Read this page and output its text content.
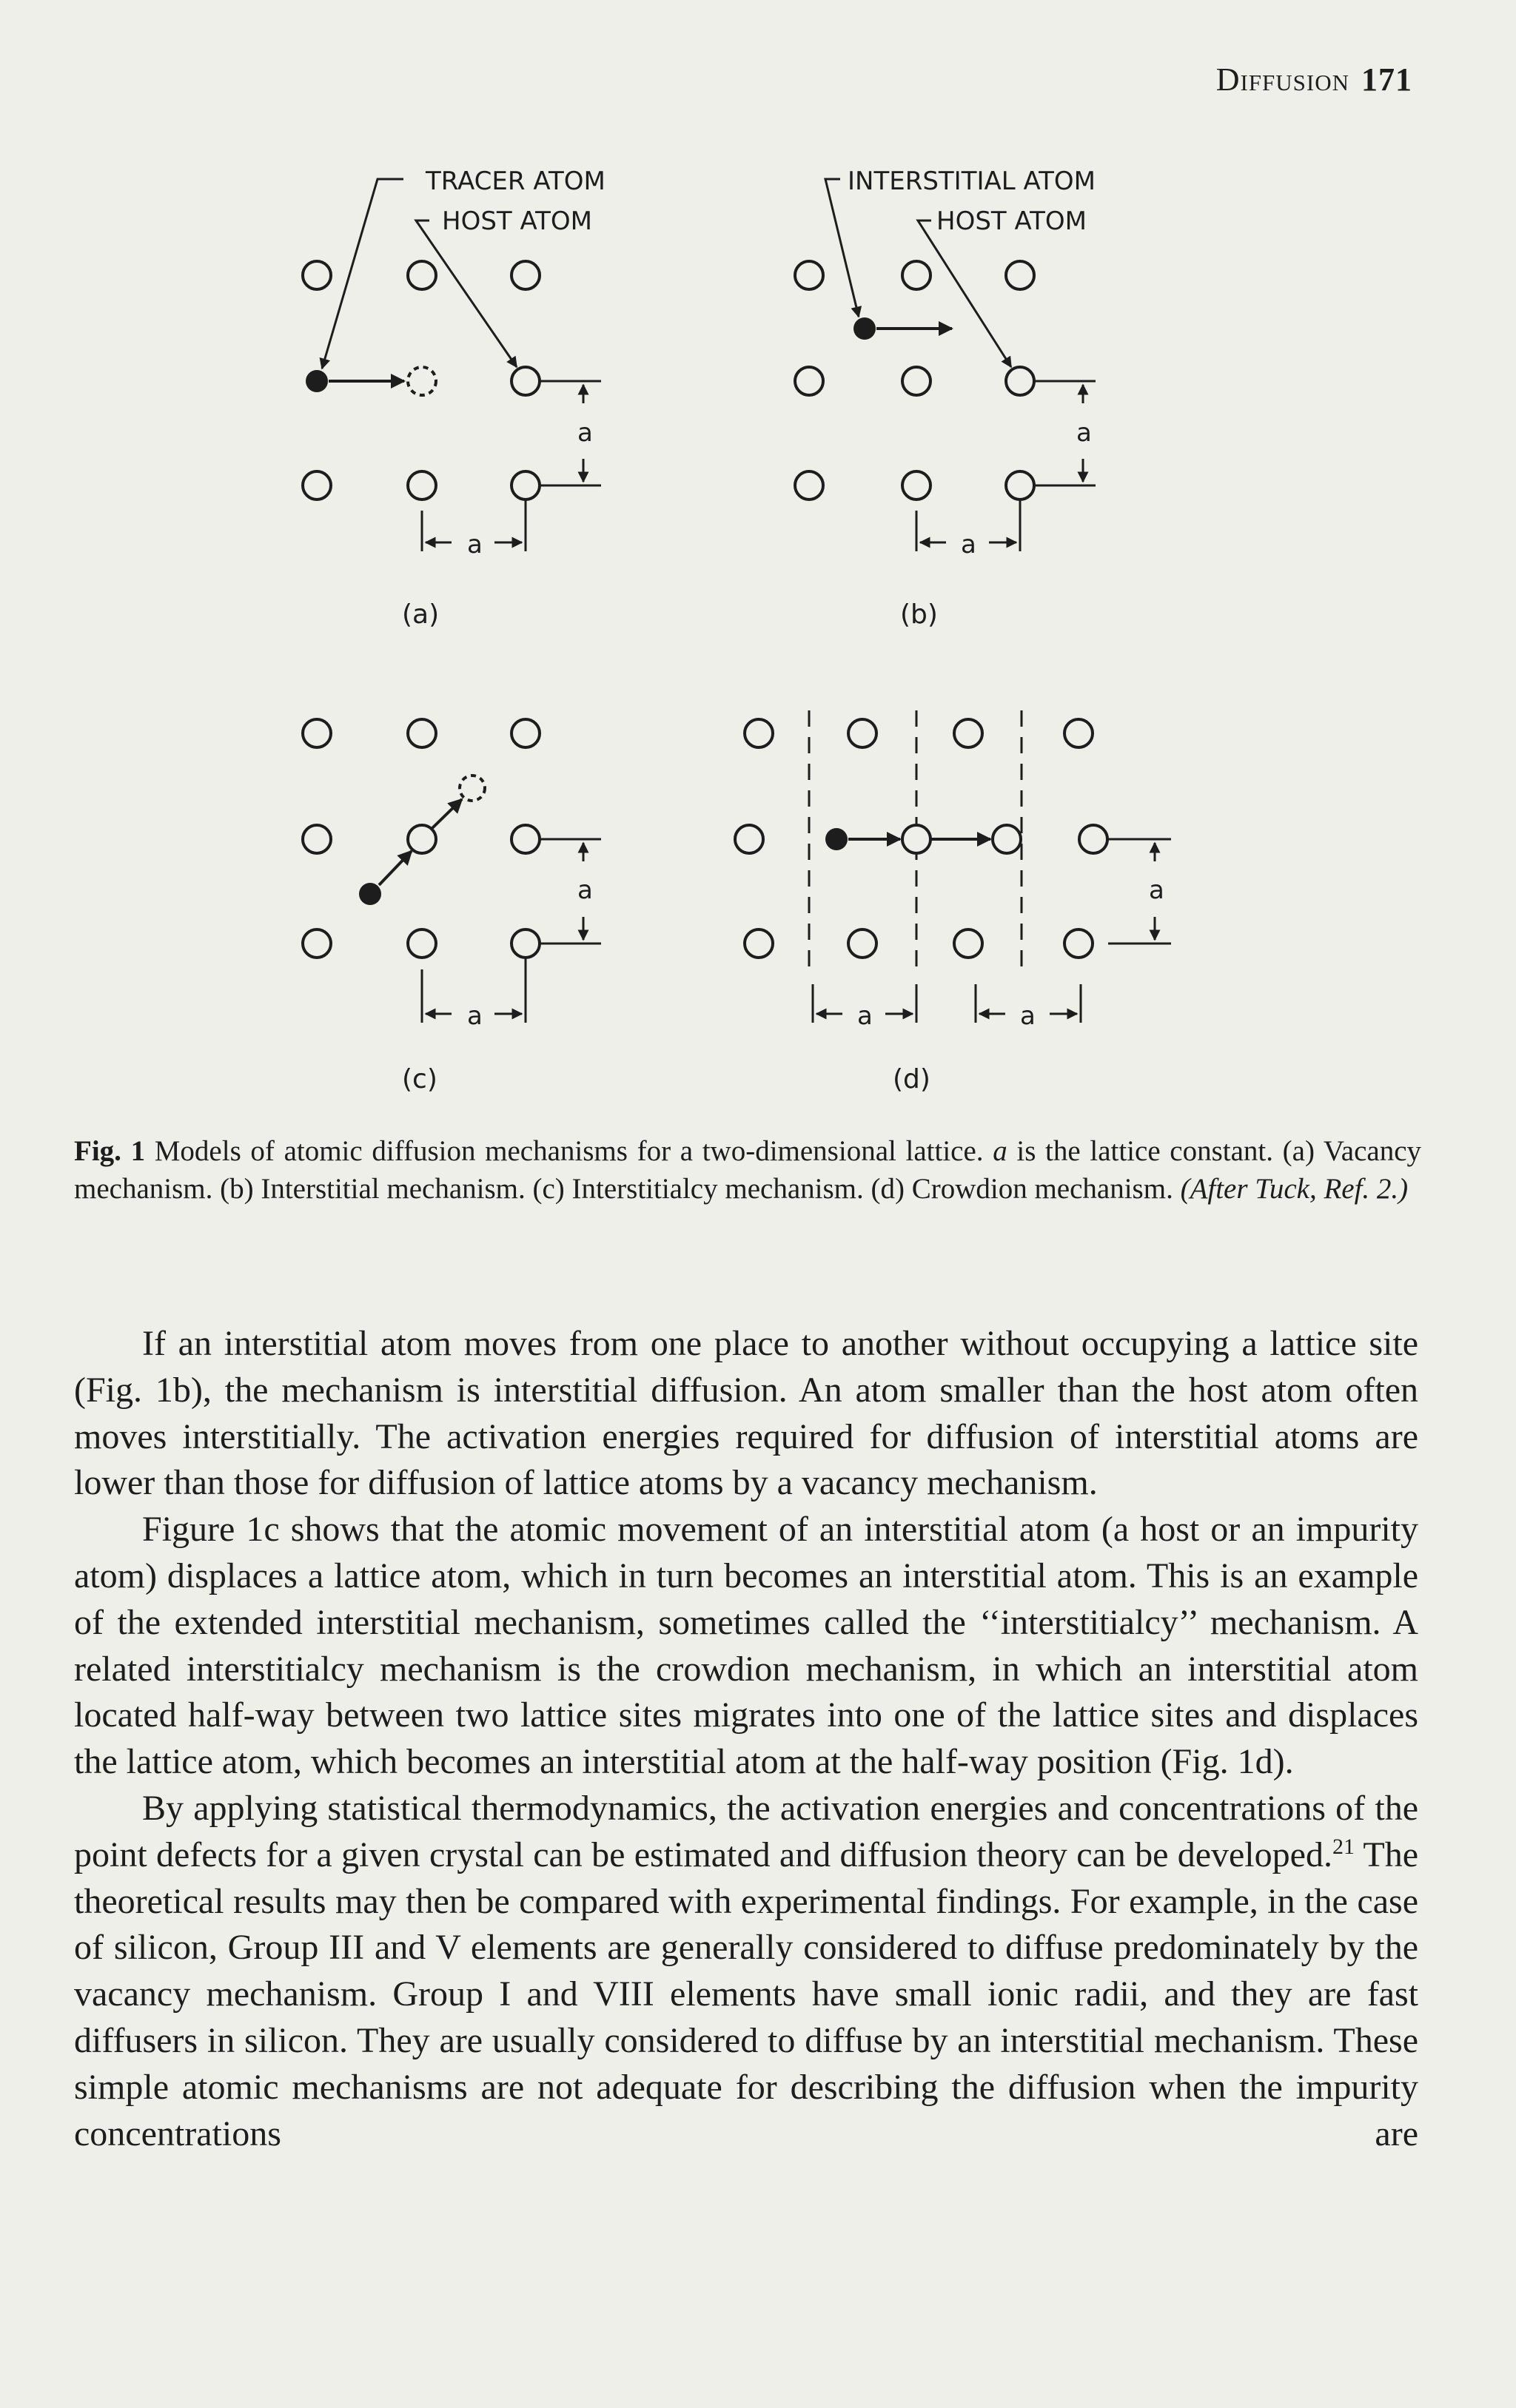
Diffusion 171
TRACER ATOM
HOST ATOM
a
a
(a)
INTERSTITIAL ATOM
HOST ATOM
a
a
(b)
a
a
(c)
a
a	a
(d)
Fig. 1 Models of atomic diffusion mechanisms for a two-dimensional lattice. a is the lattice constant. (a) Vacancy mechanism. (b) Interstitial mechanism. (c) Interstitialcy mechanism. (d) Crowdion mechanism. (After Tuck, Ref. 2.)

If an interstitial atom moves from one place to another without occupying a lattice site (Fig. 1b), the mechanism is interstitial diffusion. An atom smaller than the host atom often moves interstitially. The activation energies required for diffusion of interstitial atoms are lower than those for diffusion of lattice atoms by a vacancy mechanism.

Figure 1c shows that the atomic movement of an interstitial atom (a host or an impurity atom) displaces a lattice atom, which in turn becomes an interstitial atom. This is an example of the extended interstitial mechanism, sometimes called the ‘‘interstitialcy’’ mechanism. A related interstitialcy mechanism is the crowdion mechanism, in which an interstitial atom located half-way between two lattice sites migrates into one of the lattice sites and displaces the lattice atom, which becomes an interstitial atom at the half-way position (Fig. 1d).

By applying statistical thermodynamics, the activation energies and concentrations of the point defects for a given crystal can be estimated and diffusion theory can be developed.$^{21}$ The theoretical results may then be compared with experimental findings. For example, in the case of silicon, Group III and V elements are generally considered to diffuse predominately by the vacancy mechanism. Group I and VIII elements have small ionic radii, and they are fast diffusers in silicon. They are usually considered to diffuse by an interstitial mechanism. These simple atomic mechanisms are not adequate for describing the diffusion when the impurity concentrations are
